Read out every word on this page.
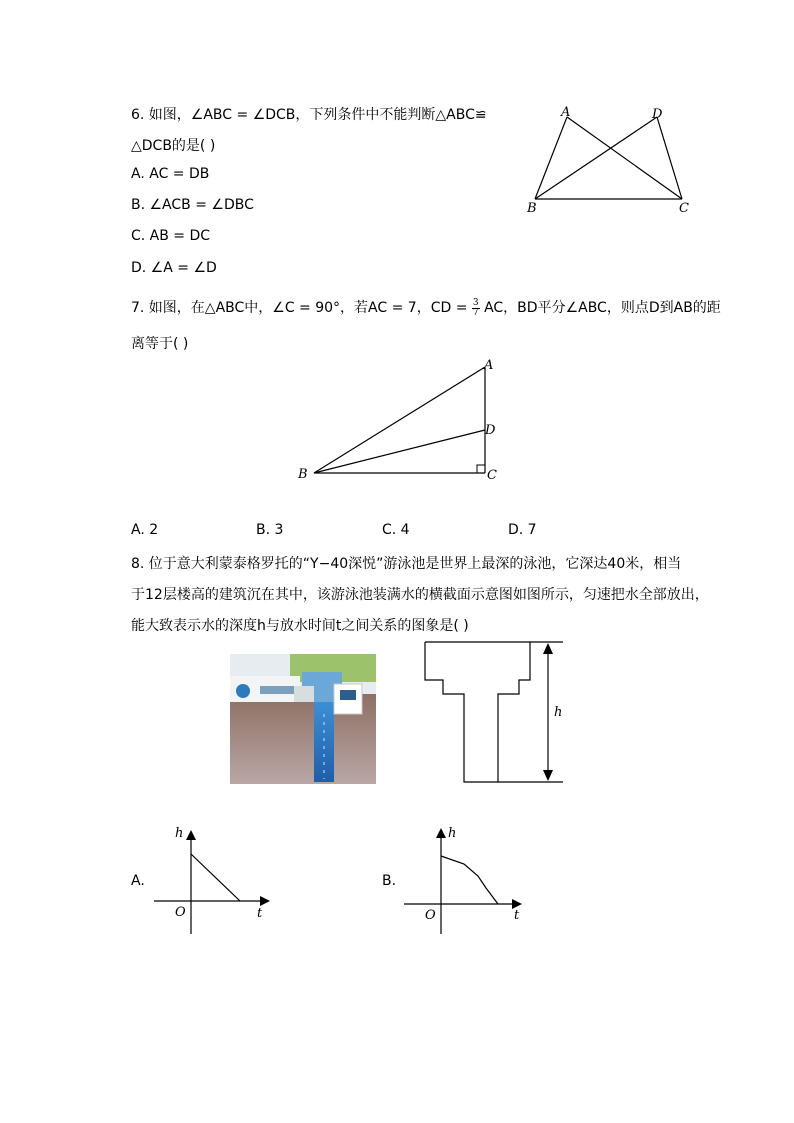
6. 如图，∠ABC = ∠DCB，下列条件中不能判断△ABC≌
△DCB的是( )
A. AC = DB
B. ∠ACB = ∠DBC
C. AB = DC
D. ∠A = ∠D
A	D
B	C
7. 如图，在△ABC中，∠C = 90°，若AC = 7，CD = $\frac{3}{7}$ AC，BD平分∠ABC，则点D到AB的距
离等于( )
A
D
B	C
A. 2	B. 3	C. 4	D. 7
8. 位于意大利蒙泰格罗托的“Y−40深悦”游泳池是世界上最深的泳池，它深达40米，相当
于12层楼高的建筑沉在其中，该游泳池装满水的横截面示意图如图所示，匀速把水全部放出，
能大致表示水的深度h与放水时间t之间关系的图象是( )
h
A.
h
t
O
B.
h
t
O
